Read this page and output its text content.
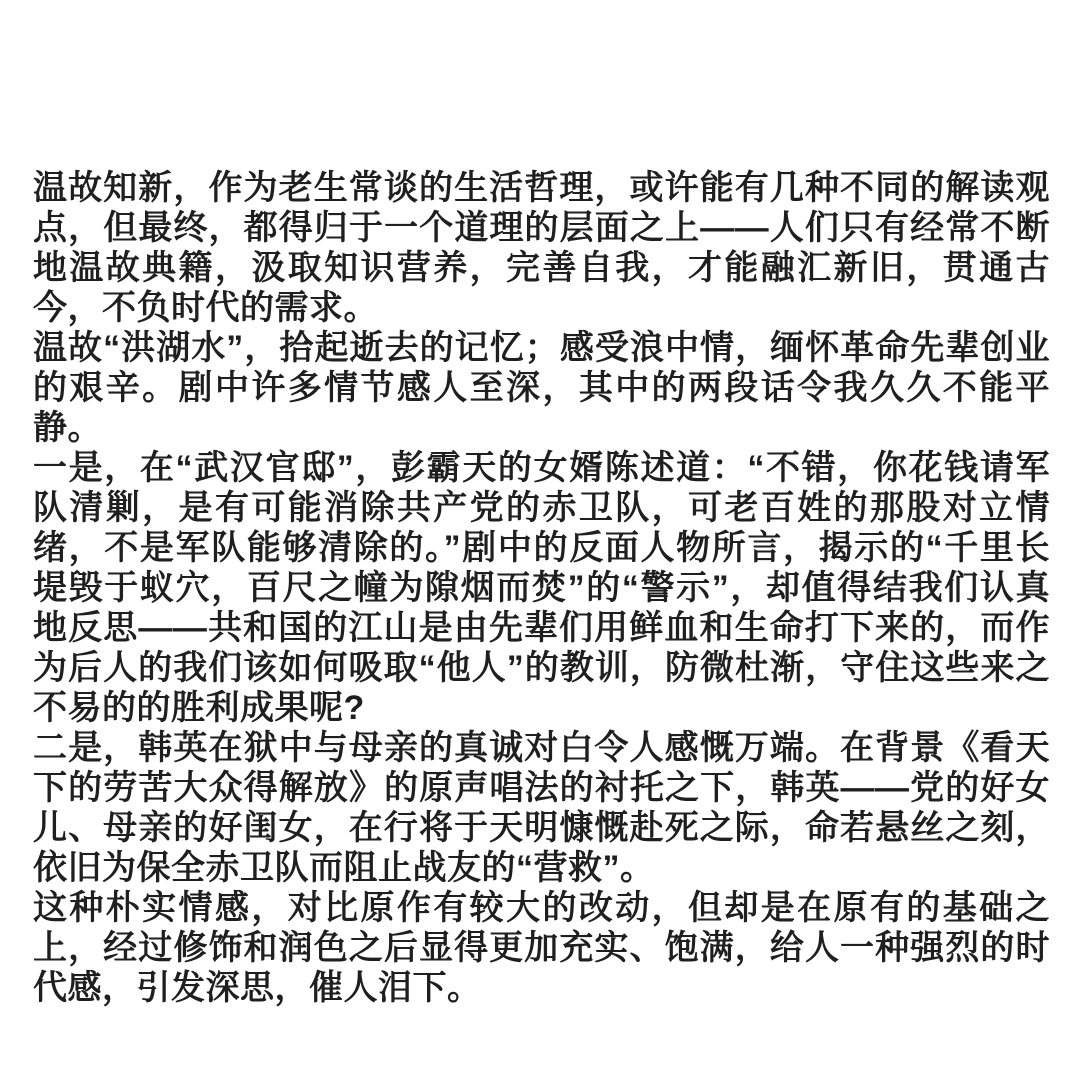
温故知新，作为老生常谈的生活哲理，或许能有几种不同的解读观点，但最终，都得归于一个道理的层面之上——人们只有经常不断地温故典籍，汲取知识营养，完善自我，才能融汇新旧，贯通古今，不负时代的需求。

温故“洪湖水”，拾起逝去的记忆；感受浪中情，缅怀革命先辈创业的艰辛。剧中许多情节感人至深，其中的两段话令我久久不能平静。

一是，在“武汉官邸”，彭霸天的女婿陈述道：“不错，你花钱请军队清剿，是有可能消除共产党的赤卫队，可老百姓的那股对立情绪，不是军队能够清除的。”剧中的反面人物所言，揭示的“千里长堤毁于蚁穴，百尺之幢为隙烟而焚”的“警示”，却值得结我们认真地反思——共和国的江山是由先辈们用鲜血和生命打下来的，而作为后人的我们该如何吸取“他人”的教训，防微杜渐，守住这些来之不易的的胜利成果呢?

二是，韩英在狱中与母亲的真诚对白令人感慨万端。在背景《看天下的劳苦大众得解放》的原声唱法的衬托之下，韩英——党的好女儿、母亲的好闺女，在行将于天明慷慨赴死之际，命若悬丝之刻，依旧为保全赤卫队而阻止战友的“营救”。

这种朴实情感，对比原作有较大的改动，但却是在原有的基础之上，经过修饰和润色之后显得更加充实、饱满，给人一种强烈的时代感，引发深思，催人泪下。
